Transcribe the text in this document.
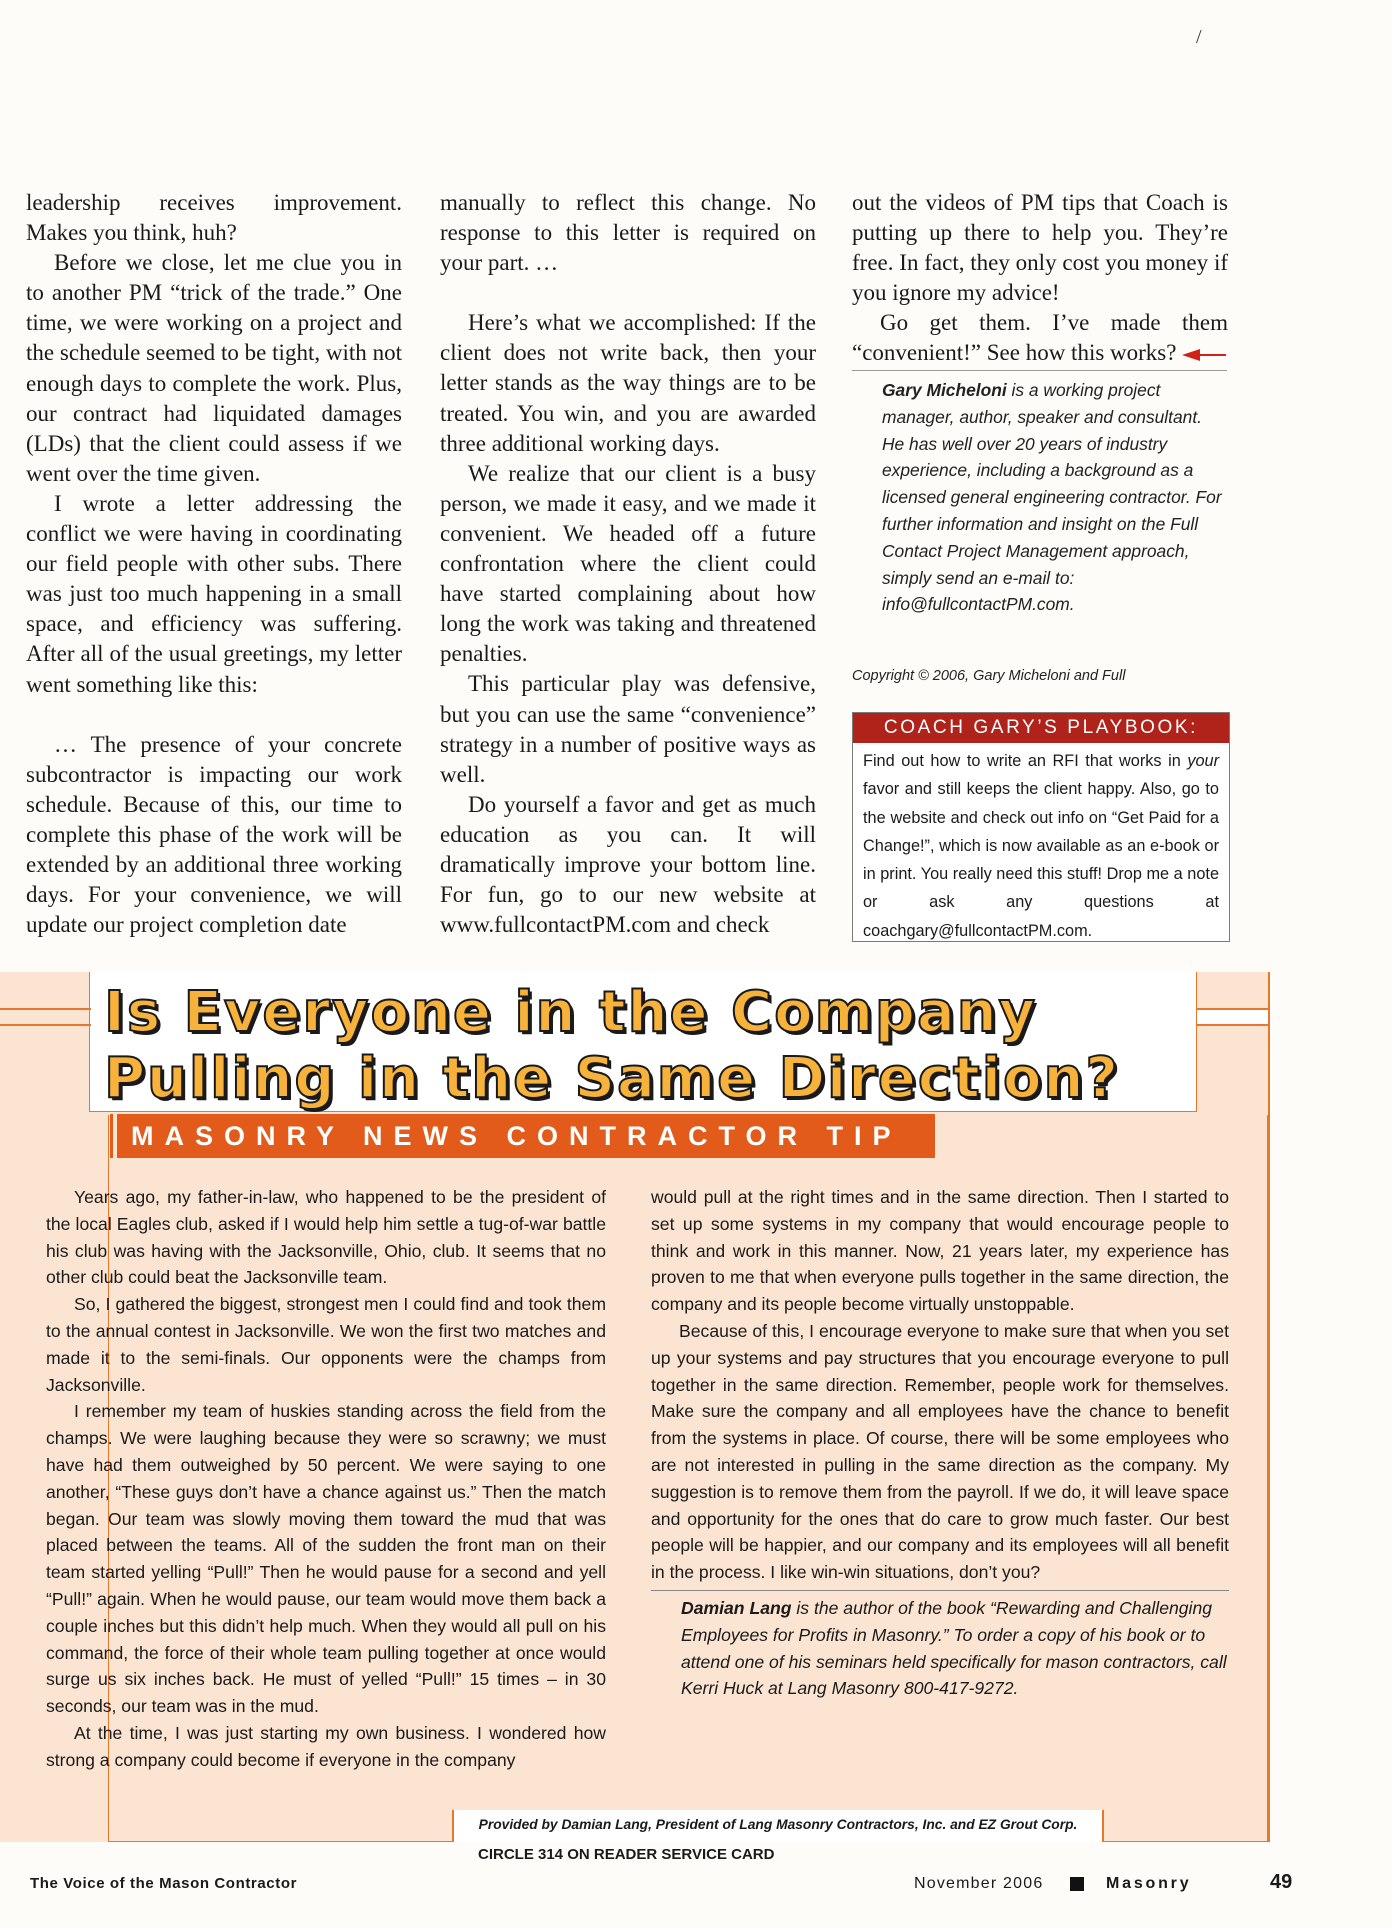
/

leadership receives improvement. Makes you think, huh?

Before we close, let me clue you in to another PM “trick of the trade.” One time, we were working on a project and the schedule seemed to be tight, with not enough days to complete the work. Plus, our contract had liquidated damages (LDs) that the client could assess if we went over the time given.

I wrote a letter addressing the conflict we were having in coordinating our field people with other subs. There was just too much happening in a small space, and efficiency was suffering. After all of the usual greetings, my letter went something like this:

… The presence of your concrete subcontractor is impacting our work schedule. Because of this, our time to complete this phase of the work will be extended by an additional three working days. For your convenience, we will update our project completion date

manually to reflect this change. No response to this letter is required on your part. …

Here’s what we accomplished: If the client does not write back, then your letter stands as the way things are to be treated. You win, and you are awarded three additional working days.

We realize that our client is a busy person, we made it easy, and we made it convenient. We headed off a future confrontation where the client could have started complaining about how long the work was taking and threatened penalties.

This particular play was defensive, but you can use the same “convenience” strategy in a number of positive ways as well.

Do yourself a favor and get as much education as you can. It will dramatically improve your bottom line. For fun, go to our new website at www.fullcontactPM.com and check

out the videos of PM tips that Coach is putting up there to help you. They’re free. In fact, they only cost you money if you ignore my advice!

Go get them. I’ve made them “convenient!” See how this works?

Gary Micheloni is a working project manager, author, speaker and consultant. He has well over 20 years of industry experience, including a background as a licensed general engineering contractor. For further information and insight on the Full Contact Project Management approach, simply send an e-mail to: info@fullcontactPM.com.
Copyright © 2006, Gary Micheloni and Full
COACH GARY’S PLAYBOOK:
Find out how to write an RFI that works in your favor and still keeps the client happy. Also, go to the website and check out info on “Get Paid for a Change!”, which is now available as an e-book or in print. You really need this stuff! Drop me a note or ask any questions at coachgary@fullcontactPM.com.
Is Everyone in the Company
Pulling in the Same Direction?
MASONRY NEWS CONTRACTOR TIP

Years ago, my father-in-law, who happened to be the president of the local Eagles club, asked if I would help him settle a tug-of-war battle his club was having with the Jacksonville, Ohio, club. It seems that no other club could beat the Jacksonville team.

So, I gathered the biggest, strongest men I could find and took them to the annual contest in Jacksonville. We won the first two matches and made it to the semi-finals. Our opponents were the champs from Jacksonville.

I remember my team of huskies standing across the field from the champs. We were laughing because they were so scrawny; we must have had them outweighed by 50 percent. We were saying to one another, “These guys don’t have a chance against us.” Then the match began. Our team was slowly moving them toward the mud that was placed between the teams. All of the sudden the front man on their team started yelling “Pull!” Then he would pause for a second and yell “Pull!” again. When he would pause, our team would move them back a couple inches but this didn’t help much. When they would all pull on his command, the force of their whole team pulling together at once would surge us six inches back. He must of yelled “Pull!” 15 times – in 30 seconds, our team was in the mud.

At the time, I was just starting my own business. I wondered how strong a company could become if everyone in the company

would pull at the right times and in the same direction. Then I started to set up some systems in my company that would encourage people to think and work in this manner. Now, 21 years later, my experience has proven to me that when everyone pulls together in the same direction, the company and its people become virtually unstoppable.

Because of this, I encourage everyone to make sure that when you set up your systems and pay structures that you encourage everyone to pull together in the same direction. Remember, people work for themselves. Make sure the company and all employees have the chance to benefit from the systems in place. Of course, there will be some employees who are not interested in pulling in the same direction as the company. My suggestion is to remove them from the payroll. If we do, it will leave space and opportunity for the ones that do care to grow much faster. Our best people will be happier, and our company and its employees will all benefit in the process. I like win-win situations, don’t you?

Damian Lang is the author of the book “Rewarding and Challenging Employees for Profits in Masonry.” To order a copy of his book or to attend one of his seminars held specifically for mason contractors, call Kerri Huck at Lang Masonry 800-417-9272.
Provided by Damian Lang, President of Lang Masonry Contractors, Inc. and EZ Grout Corp.
CIRCLE 314 ON READER SERVICE CARD
The Voice of the Mason Contractor	November 2006	Masonry	49
